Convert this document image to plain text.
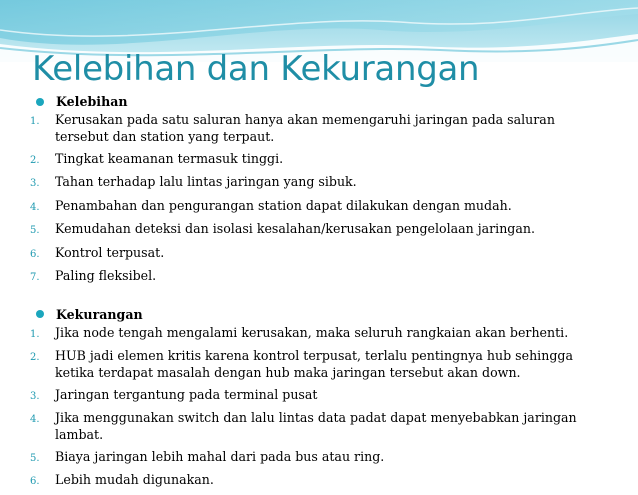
Kelebihan dan Kekurangan
Kelebihan
1.	Kerusakan pada satu saluran hanya akan memengaruhi jaringan pada saluran tersebut dan station yang terpaut.
2.	Tingkat keamanan termasuk tinggi.
3.	Tahan terhadap lalu lintas jaringan yang sibuk.
4.	Penambahan dan pengurangan station dapat dilakukan dengan mudah.
5.	Kemudahan deteksi dan isolasi kesalahan/kerusakan pengelolaan jaringan.
6.	Kontrol terpusat.
7.	Paling fleksibel.
Kekurangan
1.	Jika node tengah mengalami kerusakan, maka seluruh rangkaian akan berhenti.
2.	HUB jadi elemen kritis karena kontrol terpusat, terlalu pentingnya hub sehingga ketika terdapat masalah dengan hub maka jaringan tersebut akan down.
3.	Jaringan tergantung pada terminal pusat
4.	Jika menggunakan switch dan lalu lintas data padat dapat menyebabkan jaringan lambat.
5.	Biaya jaringan lebih mahal dari pada bus atau ring.
6.	Lebih mudah digunakan.
